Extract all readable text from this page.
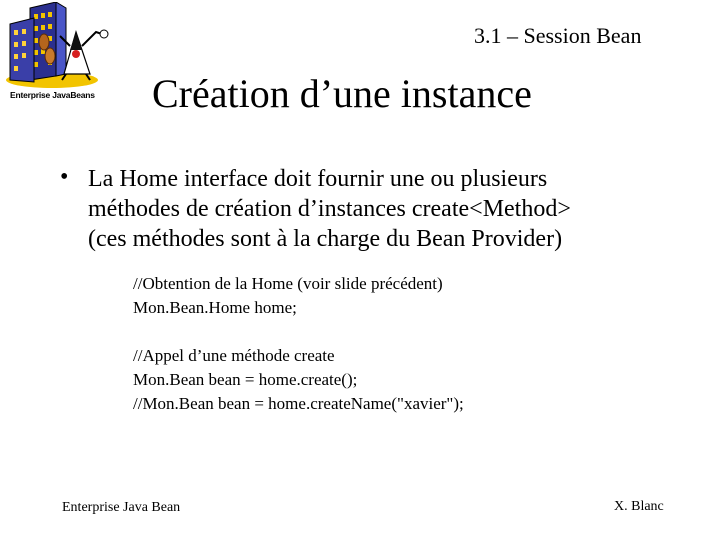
Enterprise JavaBeans
3.1 – Session Bean
Création d’une instance
• La Home interface doit fournir une ou plusieurs
méthodes de création d’instances create<Method>
(ces méthodes sont à la charge du Bean Provider)
//Obtention de la Home (voir slide précédent)
Mon.Bean.Home home;
//Appel d’une méthode create
Mon.Bean bean = home.create();
//Mon.Bean bean = home.createName("xavier");
Enterprise Java Bean	X. Blanc
